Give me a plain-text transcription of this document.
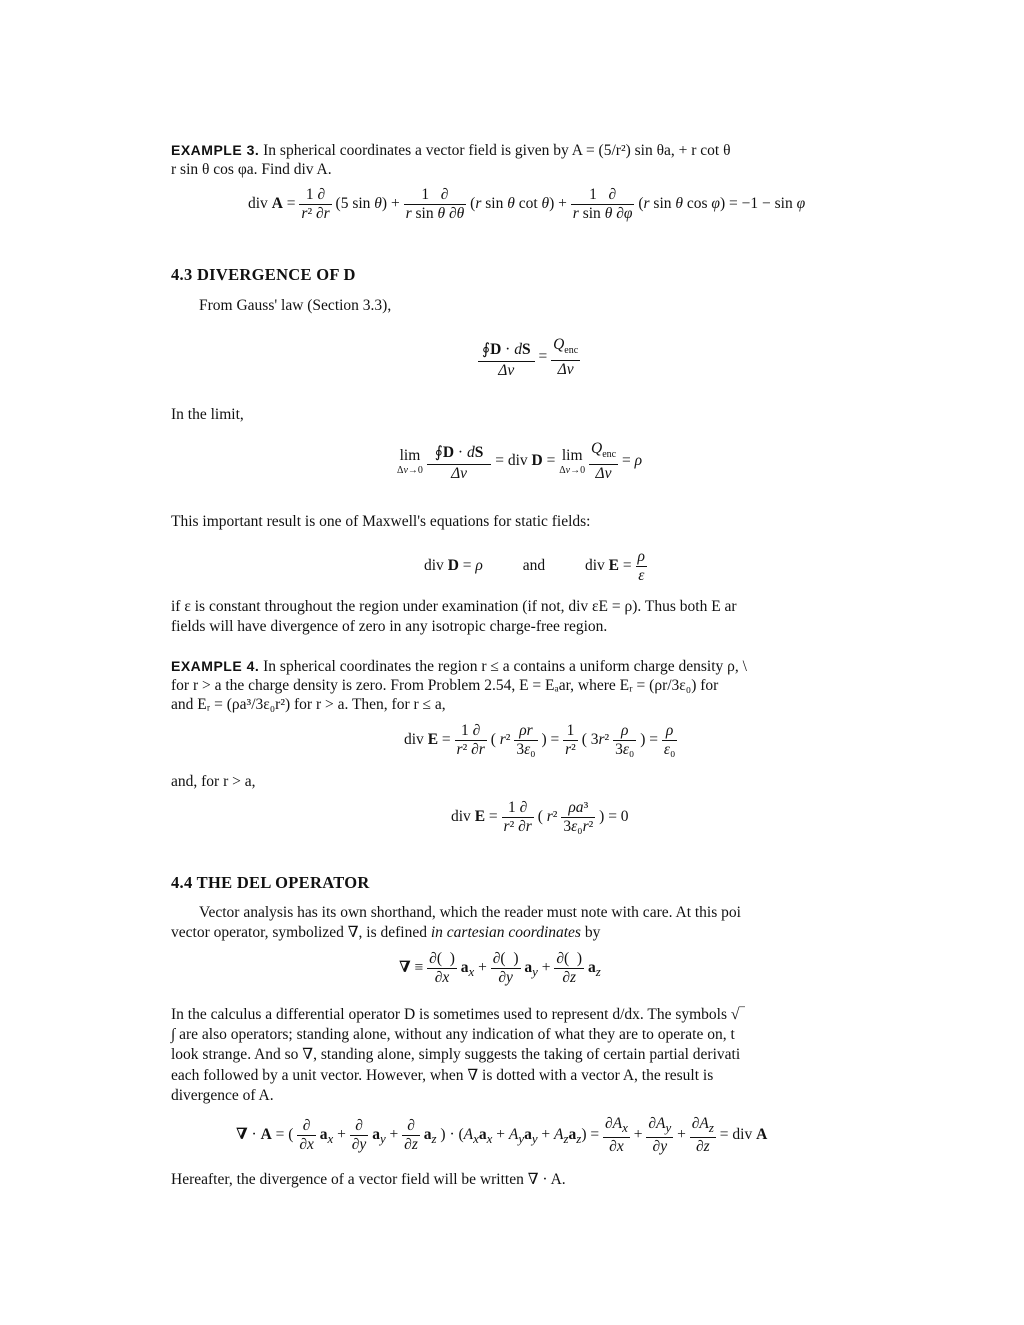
EXAMPLE 3. In spherical coordinates a vector field is given by A = (5/r²) sin θa, + r cot θ
r sin θ cos φa. Find div A.
div $A = \frac{1 \partial}{\text{r² ∂r}} (5$ $\sin \theta) + \frac{1 \partial}{\text{r sin θ ∂θ}} (r$ sin θ $\cot \theta) + \frac{1 \partial}{\text{r sin θ ∂φ}} (r$ sin θ cos φ) = −1 − sin φ
4.3 DIVERGENCE OF D
From Gauss' law (Section 3.3),
$\frac{∮D \cdot dS}{\Delta v} = \frac{Q_{enc}}{\Delta v}$
In the limit,
lim
Δv→0
$\frac{∮D \cdot dS}{\Delta v}$ = div D = lim
Δv→0
$\frac{Q_{enc}}{\Delta v} = \rho$
This important result is one of Maxwell's equations for static fields:
div D = ρ	and div $E = \frac{\rho}{\varepsilon}$
if ε is constant throughout the region under examination (if not, div εE = ρ). Thus both E ar
fields will have divergence of zero in any isotropic charge-free region.
EXAMPLE 4. In spherical coordinates the region r ≤ a contains a uniform charge density ρ, \
for r > a the charge density is zero. From Problem 2.54, E = Eₐar, where Eᵣ = (ρr/3ε₀) for
and Eᵣ = (ρa³/3ε₀r²) for r > a. Then, for r ≤ a,
div $E = \frac{1 \partial}{\text{r² ∂r}}$ ( $r^2 \frac{\rho r}{\text{3ε₀}}$ ) = $\frac{1}{\text{r²}}$ ( $3r^2 \frac{\rho}{\text{3ε₀}}$ ) = $\frac{\rho}{\text{ε₀}}$
and, for r > a,
div $E = \frac{1 \partial}{\text{r² ∂r}}$ ( $r^2 \frac{\text{ρa³}}{\text{3ε₀r²}}$ ) = 0
4.4 THE DEL OPERATOR
Vector analysis has its own shorthand, which the reader must note with care. At this poi
vector operator, symbolized ∇, is defined in cartesian coordinates by
∇ ≡ $\frac{\partial( )}{\partial x} a_x + \frac{\partial( )}{\partial y} a_y + \frac{\partial( )}{\partial z} a_z$
In the calculus a differential operator D is sometimes used to represent d/dx. The symbols √‾
∫ are also operators; standing alone, without any indication of what they are to operate on, t
look strange. And so ∇, standing alone, simply suggests the taking of certain partial derivati
each followed by a unit vector. However, when ∇ is dotted with a vector A, the result is
divergence of A.
∇ · A = ( $\frac{\partial}{\partial x} a_x + \frac{\partial}{\partial y} a_y + \frac{\partial}{\partial z} a_z$ ) · $(A_xa_x + A_ya_y + A_za_z) = \frac{\partial A_x}{\partial x} + \frac{\partial A_y}{\partial y} + \frac{\partial A_z}{\partial z}$ = div A
Hereafter, the divergence of a vector field will be written ∇ · A.
